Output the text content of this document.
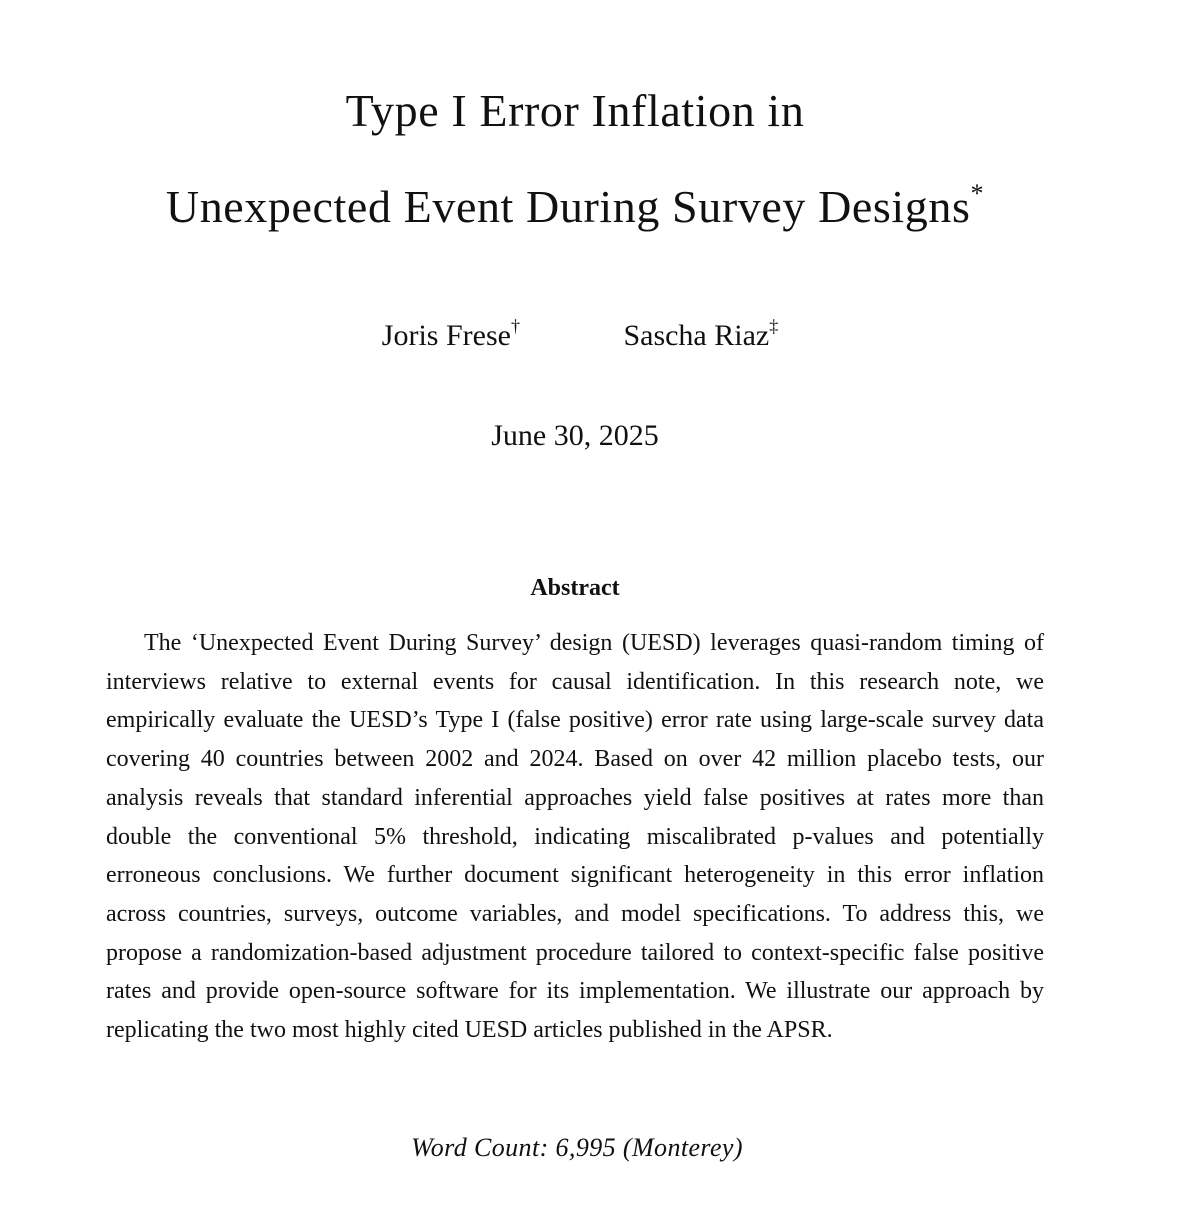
Type I Error Inflation in
Unexpected Event During Survey Designs*
Joris Frese†	Sascha Riaz‡
June 30, 2025
Abstract

The ‘Unexpected Event During Survey’ design (UESD) leverages quasi-random timing of interviews relative to external events for causal identification. In this research note, we empirically evaluate the UESD’s Type I (false positive) error rate using large-scale survey data covering 40 countries between 2002 and 2024. Based on over 42 million placebo tests, our analysis reveals that standard inferential approaches yield false positives at rates more than double the conventional 5% threshold, indicating miscalibrated p-values and potentially erroneous conclusions. We further document significant heterogeneity in this error inflation across countries, surveys, outcome variables, and model specifications. To address this, we propose a randomization-based adjustment procedure tailored to context-specific false positive rates and provide open-source software for its implementation. We illustrate our approach by replicating the two most highly cited UESD articles published in the APSR.

Word Count: 6,995 (Monterey)
